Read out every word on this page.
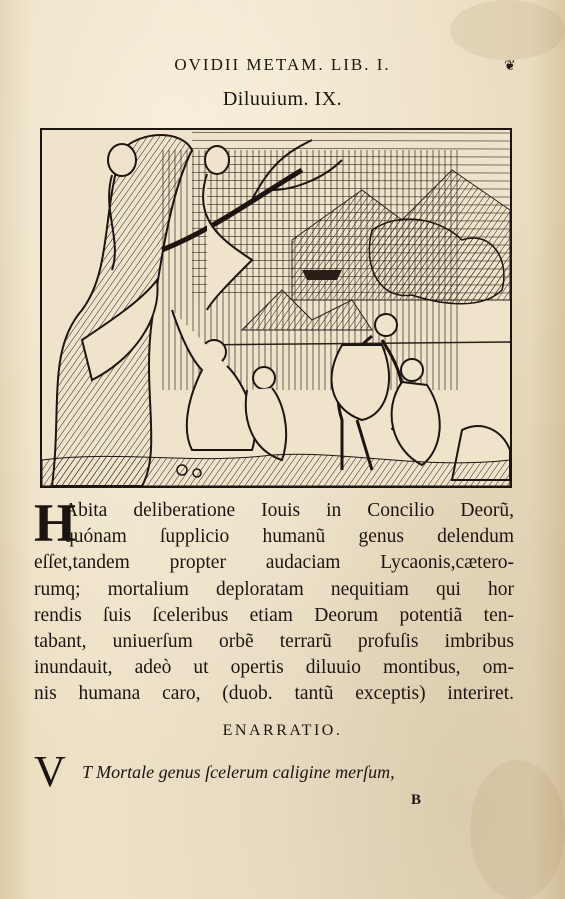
OVIDII METAM. LIB. I.	❦
Diluuium. IX.
H
Abita deliberatione Iouis in Concilio Deorũ,
quónam ſupplicio humanũ genus delendum
eſſet,tandem propter audaciam Lycaonis,cætero-
rumq; mortalium deploratam nequitiam qui hor
rendis ſuis ſceleribus etiam Deorum potentiã ten-
tabant, uniuerſum orbẽ terrarũ profuſis imbribus
inundauit, adeò ut opertis diluuio montibus, om-
nis humana caro, (duob. tantũ exceptis) interiret.
ENARRATIO.
V T Mortale genus ſcelerum caligine merſum,
B
